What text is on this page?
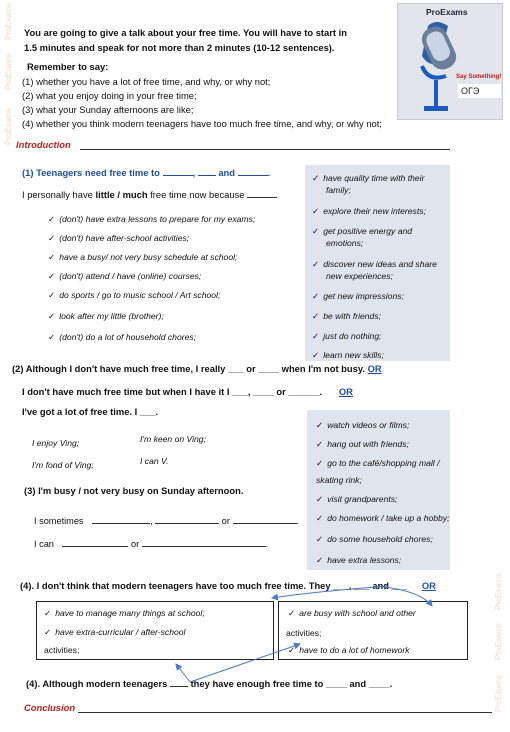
ProExams
ProExams
ProExams
ProExams
ProExams
ProExams
You are going to give a talk about your free time. You will have to start in
1.5 minutes and speak for not more than 2 minutes (10-12 sentences).
Remember to say:
(1) whether you have a lot of free time, and why, or why not;
(2) what you enjoy doing in your free time;
(3) what your Sunday afternoons are like;
(4) whether you think modern teenagers have too much free time, and why, or why not;
ProExams
Say Something!
ОГЭ
Introduction
(1) Teenagers need free time to	,  and	.
I personally have little / much free time now because
✓ (don't) have extra lessons to prepare for my exams;
✓ (don't) have after-school activities;
✓ have a busy/ not very busy schedule at school;
✓ (don't) attend / have (online) courses;
✓ do sports / go to music school / Art school;
✓ look after my little (brother);
✓ (don't) do a lot of household chores;
✓ have quality time with their
family;
✓ explore their new interests;
✓ get positive energy and
emotions;
✓ discover new ideas and share
new experiences;
✓ get new impressions;
✓ be with friends;
✓ just do nothing;
✓ learn new skills;
(2) Although I don't have much free time, I really ___ or ____ when I'm not busy. OR
I don't have much free time but when I have it I ___, ____ or ______. OR
I've got a lot of free time. I ___.
I enjoy Ving;	I'm keen on Ving;
I'm fond of Ving;	I can V.
✓ watch videos or films;
✓ hang out with friends;
✓ go to the café/shopping mall /
skating rink;
✓ visit grandparents;
✓ do homework / take up a hobby;
✓ do some household chores;
✓ have extra lessons;
(3) I'm busy / not very busy on Sunday afternoon.
I sometimes	,	or	.
I can	or	.
(4). I don't think that modern teenagers have too much free time. They ___, ___ and ___ OR
✓ have to manage many things at school;
✓ have extra-curricular / after-school
activities;
✓ are busy with school and other
activities;
✓ have to do a lot of homework
(4). Although modern teenagers they have enough free time to ____ and ____.
Conclusion
